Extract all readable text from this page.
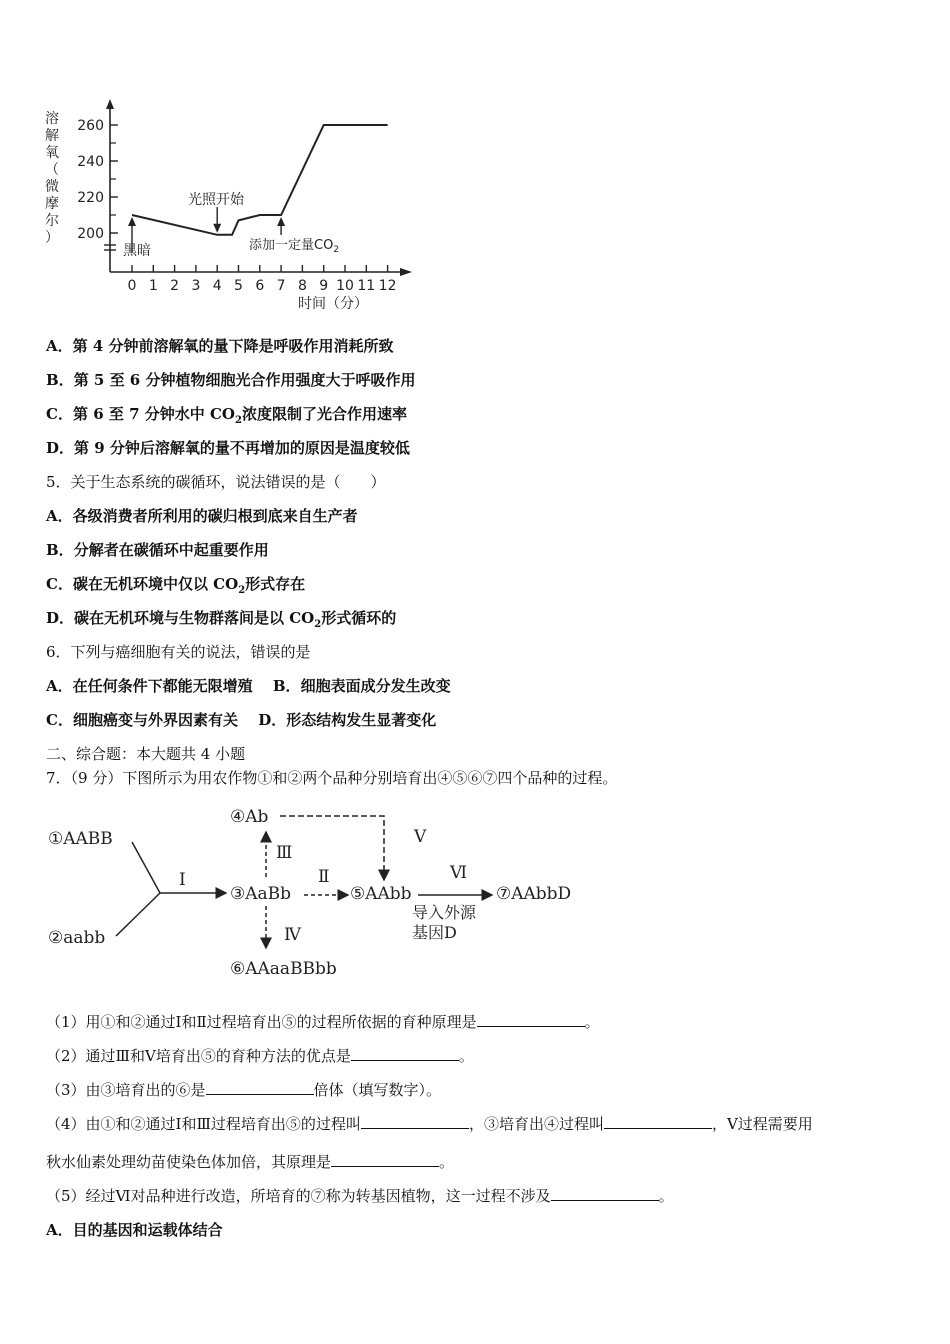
溶
解
氧
（
微
摩
尔
） 200
220
240
260
0 1 2 3 4 5 6 7 8 9 10 11 12
黑暗
光照开始
添加一定量$CO_2$
时间（分）
A．第 4 分钟前溶解氧的量下降是呼吸作用消耗所致
B．第 5 至 6 分钟植物细胞光合作用强度大于呼吸作用
C．第 6 至 7 分钟水中 $CO_2$浓度限制了光合作用速率
D．第 9 分钟后溶解氧的量不再增加的原因是温度较低
5．关于生态系统的碳循环，说法错误的是（　　）
A．各级消费者所利用的碳归根到底来自生产者
B．分解者在碳循环中起重要作用
C．碳在无机环境中仅以 $CO_2$形式存在
D．碳在无机环境与生物群落间是以 $CO_2$形式循环的
6．下列与癌细胞有关的说法，错误的是
A．在任何条件下都能无限增殖　 B．细胞表面成分发生改变
C．细胞癌变与外界因素有关　 D．形态结构发生显著变化
二、综合题：本大题共 4 小题
7．（9 分）下图所示为用农作物①和②两个品种分别培育出④⑤⑥⑦四个品种的过程。
①AABB
②aabb
Ⅰ
③AaBb
④Ab
Ⅲ
Ⅳ
⑥AAaaBBbb
Ⅱ
⑤AAbb
Ⅴ
Ⅵ
⑦AAbbD
导入外源
基因D
（1）用①和②通过Ⅰ和Ⅱ过程培育出⑤的过程所依据的育种原理是	。
（2）通过Ⅲ和Ⅴ培育出⑤的育种方法的优点是	。
（3）由③培育出的⑥是	倍体（填写数字）。
（4）由①和②通过Ⅰ和Ⅲ过程培育出⑤的过程叫	，③培育出④过程叫	，Ⅴ过程需要用
秋水仙素处理幼苗使染色体加倍，其原理是	。
（5）经过Ⅵ对品种进行改造，所培育的⑦称为转基因植物，这一过程不涉及	。
A．目的基因和运载体结合
